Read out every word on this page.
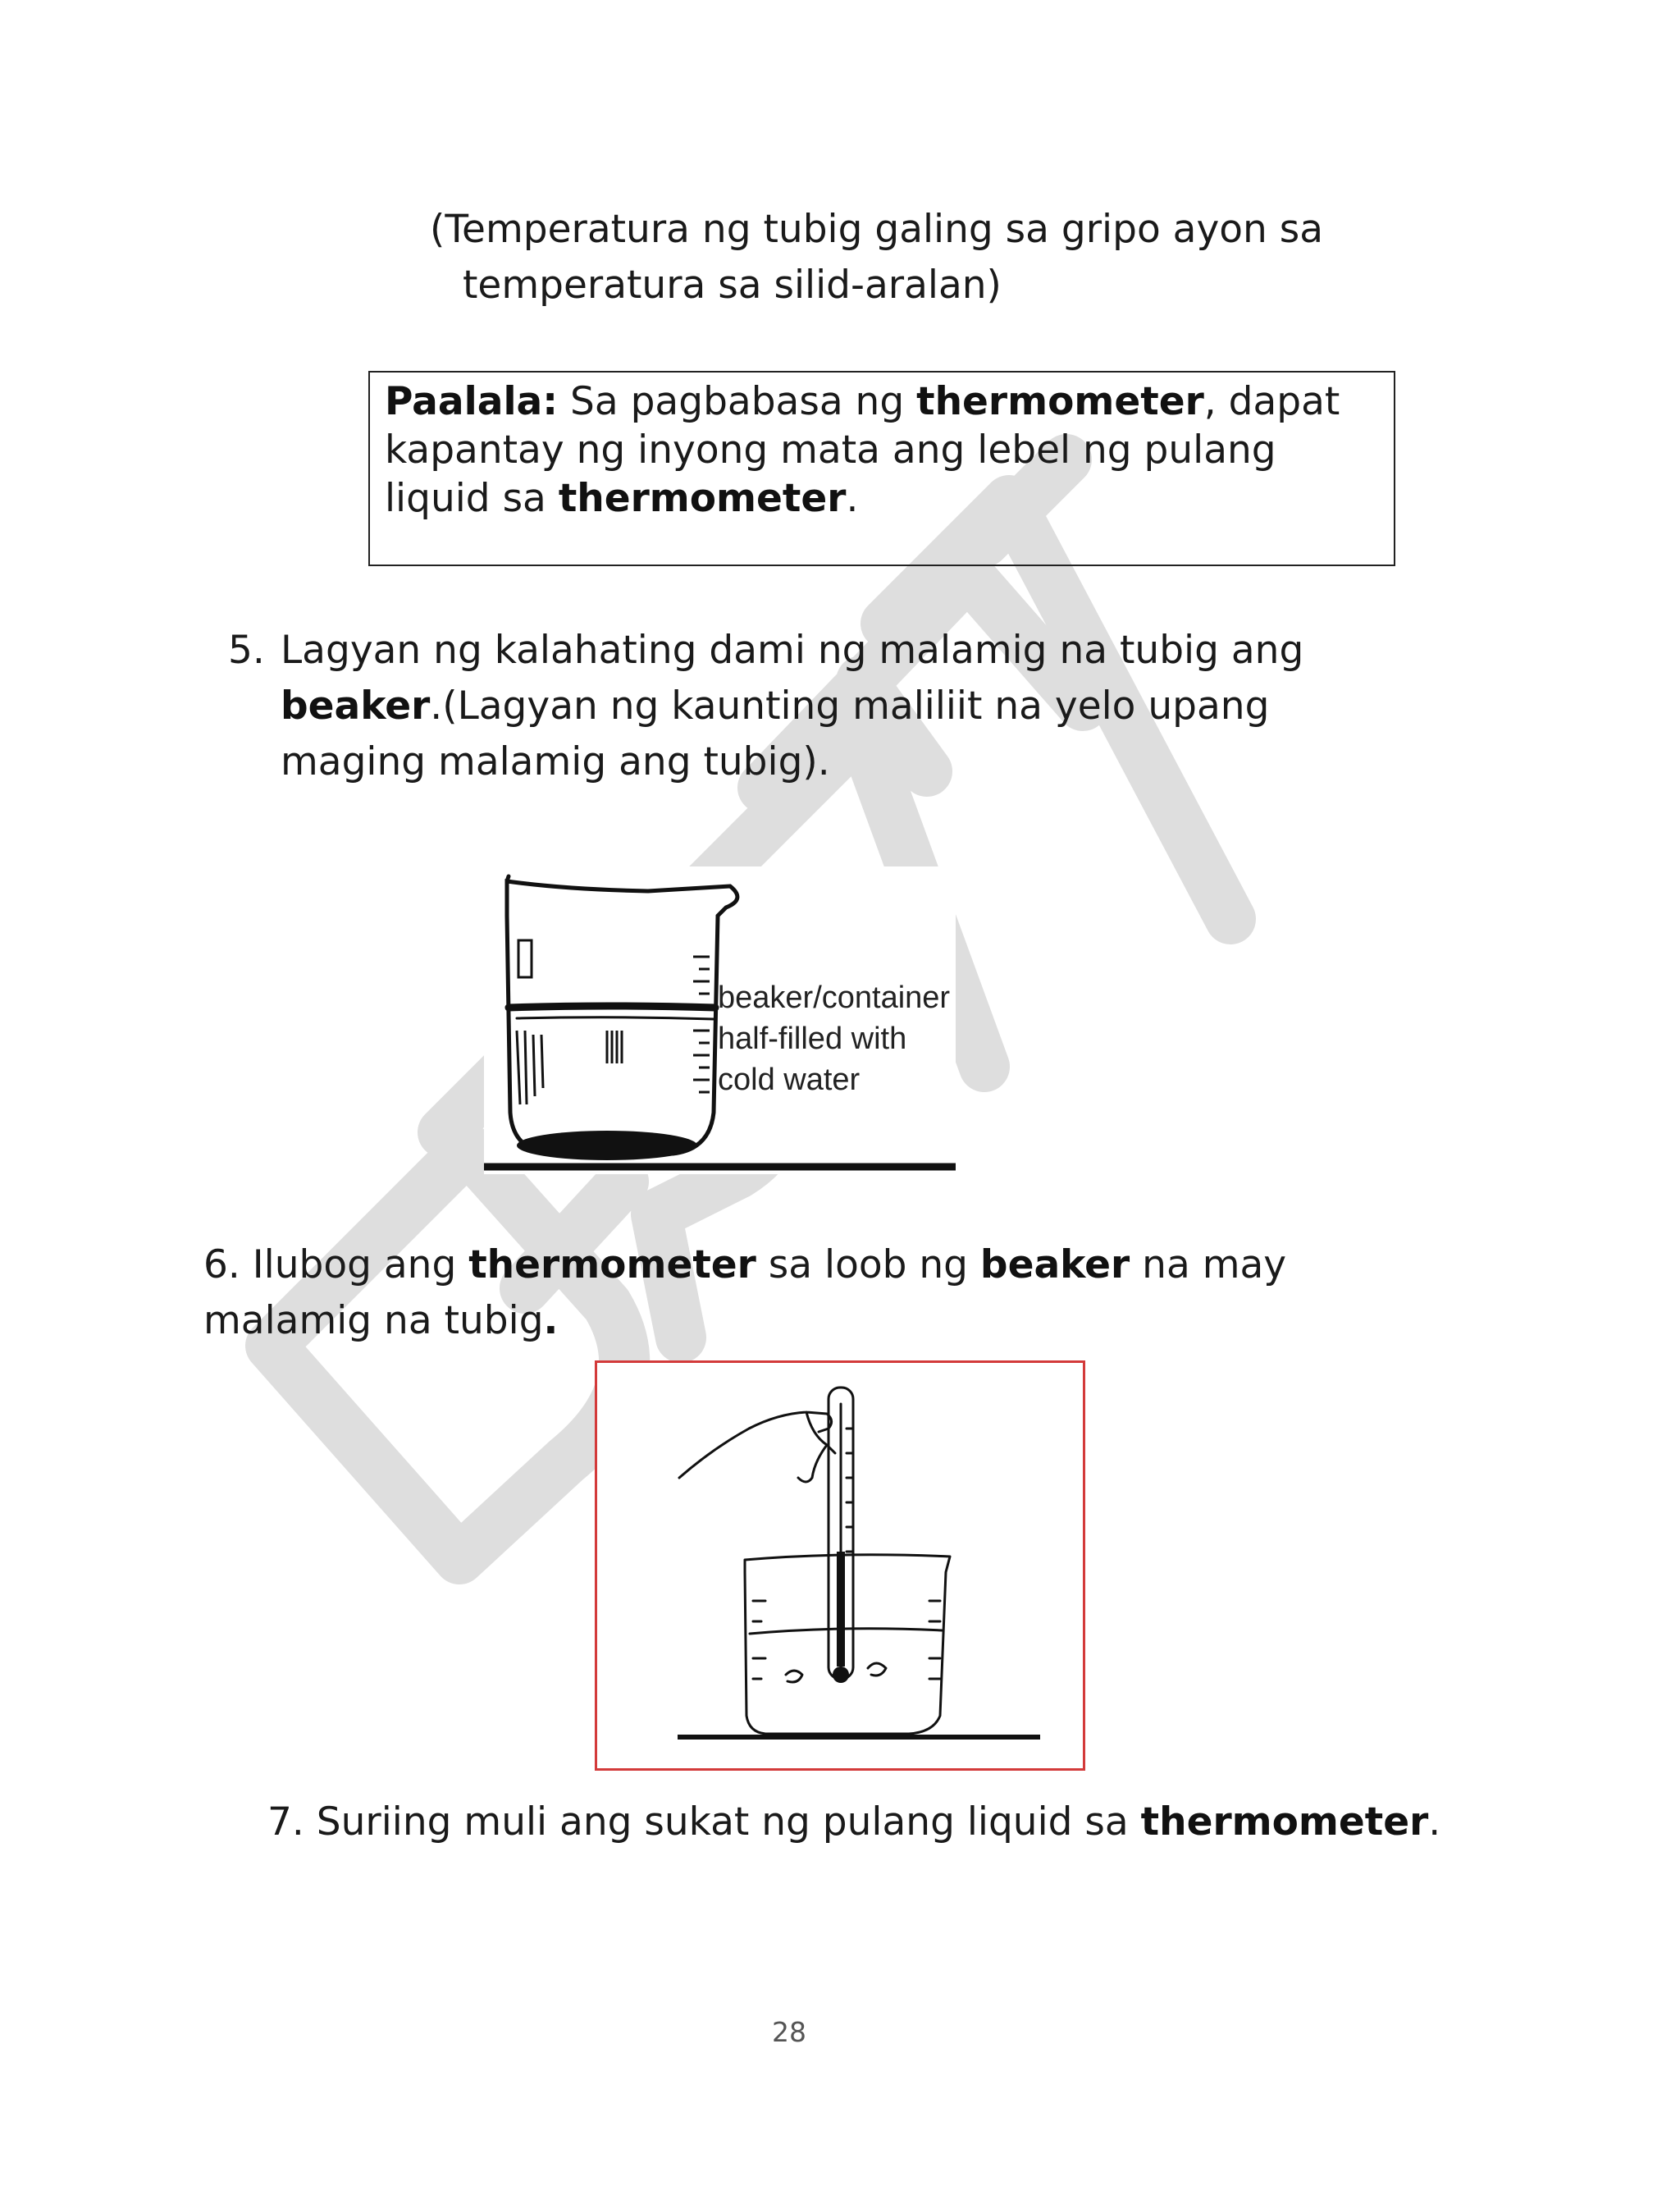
(Temperatura ng tubig galing sa gripo ayon sa
temperatura sa silid-aralan)
Paalala: Sa pagbabasa ng thermometer, dapat
kapantay ng inyong mata ang lebel ng pulang
liquid sa thermometer.
5. Lagyan ng kalahating dami ng malamig na tubig ang
beaker.(Lagyan ng kaunting maliliit na yelo upang
maging malamig ang tubig).
beaker/container
half-filled with
cold water
6. Ilubog ang thermometer sa loob ng beaker na may
malamig na tubig.
7. Suriing muli ang sukat ng pulang liquid sa thermometer.
28
